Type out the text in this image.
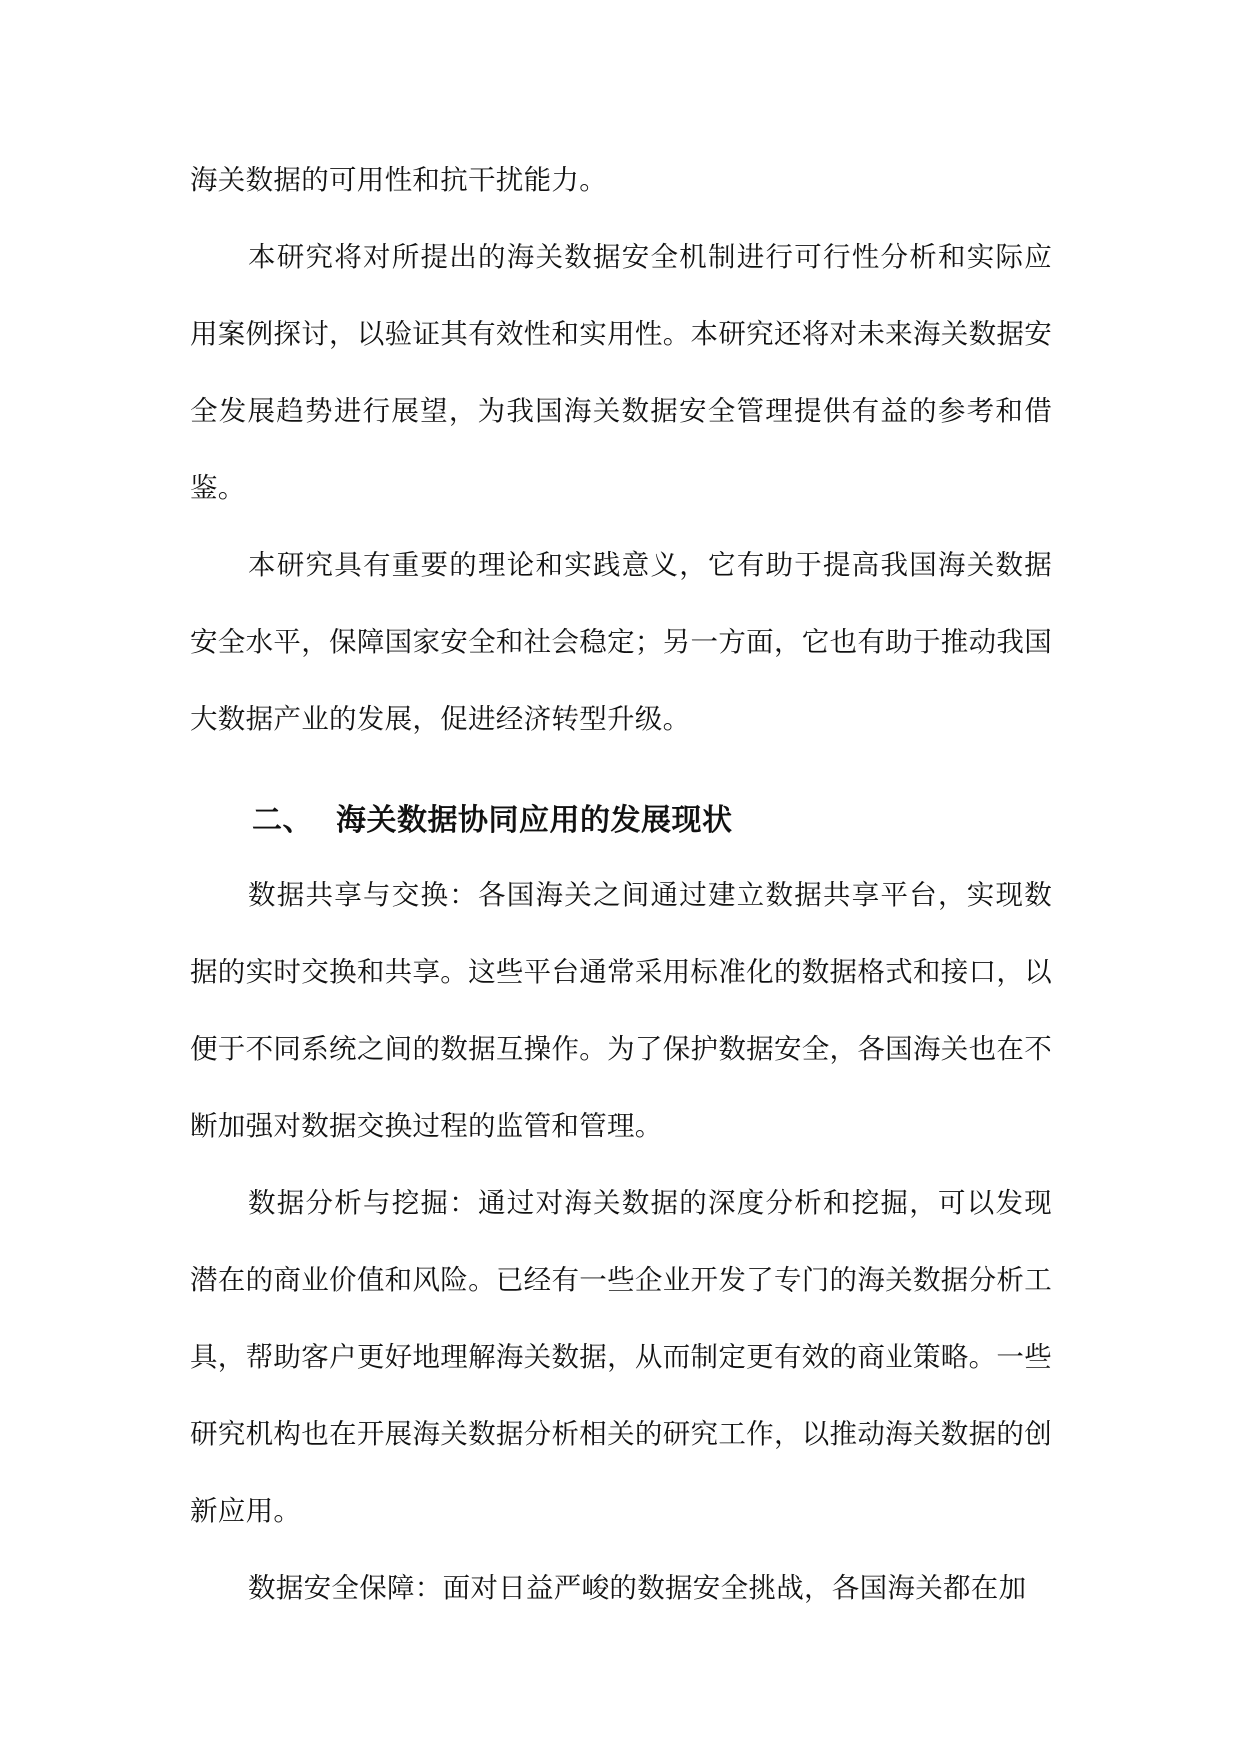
海关数据的可用性和抗干扰能力。

本研究将对所提出的海关数据安全机制进行可行性分析和实际应用案例探讨，以验证其有效性和实用性。本研究还将对未来海关数据安全发展趋势进行展望，为我国海关数据安全管理提供有益的参考和借鉴。

本研究具有重要的理论和实践意义，它有助于提高我国海关数据安全水平，保障国家安全和社会稳定；另一方面，它也有助于推动我国大数据产业的发展，促进经济转型升级。

二、 海关数据协同应用的发展现状

数据共享与交换：各国海关之间通过建立数据共享平台，实现数据的实时交换和共享。这些平台通常采用标准化的数据格式和接口，以便于不同系统之间的数据互操作。为了保护数据安全，各国海关也在不断加强对数据交换过程的监管和管理。

数据分析与挖掘：通过对海关数据的深度分析和挖掘，可以发现潜在的商业价值和风险。已经有一些企业开发了专门的海关数据分析工具，帮助客户更好地理解海关数据，从而制定更有效的商业策略。一些研究机构也在开展海关数据分析相关的研究工作，以推动海关数据的创新应用。

数据安全保障：面对日益严峻的数据安全挑战，各国海关都在加
